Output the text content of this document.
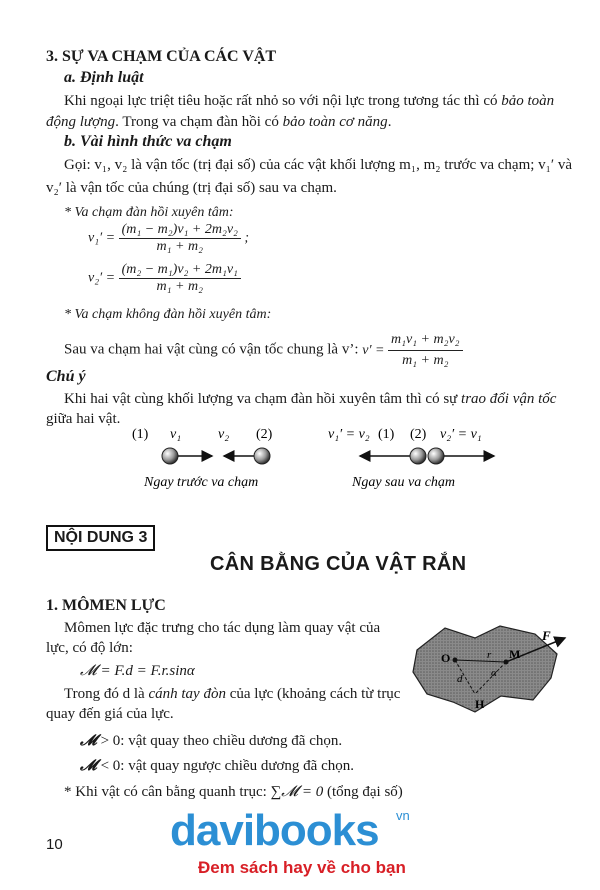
3. SỰ VA CHẠM CỦA CÁC VẬT
a. Định luật
Khi ngoại lực triệt tiêu hoặc rất nhỏ so với nội lực trong tương tác thì có bảo toàn
động lượng. Trong va chạm đàn hồi có bảo toàn cơ năng.
b. Vài hình thức va chạm
Gọi: v₁, v₂ là vận tốc (trị đại số) của các vật khối lượng m₁, m₂ trước va chạm; v₁′ và
v₂′ là vận tốc của chúng (trị đại số) sau va chạm.
* Va chạm đàn hồi xuyên tâm:
$v_1' = \frac{\text{(m₁ − m₂)v₁ + 2m₂v₂}}{\text{m₁ + m₂}}$ ;
$v_2' = \frac{\text{(m₂ − m₁)v₂ + 2m₁v₁}}{\text{m₁ + m₂}}$
* Va chạm không đàn hồi xuyên tâm:
Sau va chạm hai vật cùng có vận tốc chung là v’: $v' = \frac{\text{m₁v₁ + m₂v₂}}{\text{m₁ + m₂}}$
Chú ý
Khi hai vật cùng khối lượng va chạm đàn hồi xuyên tâm thì có sự trao đổi vận tốc
giữa hai vật.
(1) v₁	v₂ (2)
Ngay trước va chạm
v₁′ = v₂ (1) (2) v₂′ = v₁
Ngay sau va chạm
NỘI DUNG 3
CÂN BẰNG CỦA VẬT RẮN
1. MÔMEN LỰC
Mômen lực đặc trưng cho tác dụng làm quay vật của
lực, có độ lớn:
𝓜 = F.d = F.r.sinα
Trong đó d là cánh tay đòn của lực (khoảng cách từ trục
quay đến giá của lực.
𝓜 > 0: vật quay theo chiều dương đã chọn.
𝓜 < 0: vật quay ngược chiều dương đã chọn.
* Khi vật có cân bằng quanh trục: ∑𝓜 = 0 (tổng đại số)
O	M
H
F
r
d	α
10 davibooks vn
Đem sách hay về cho bạn
